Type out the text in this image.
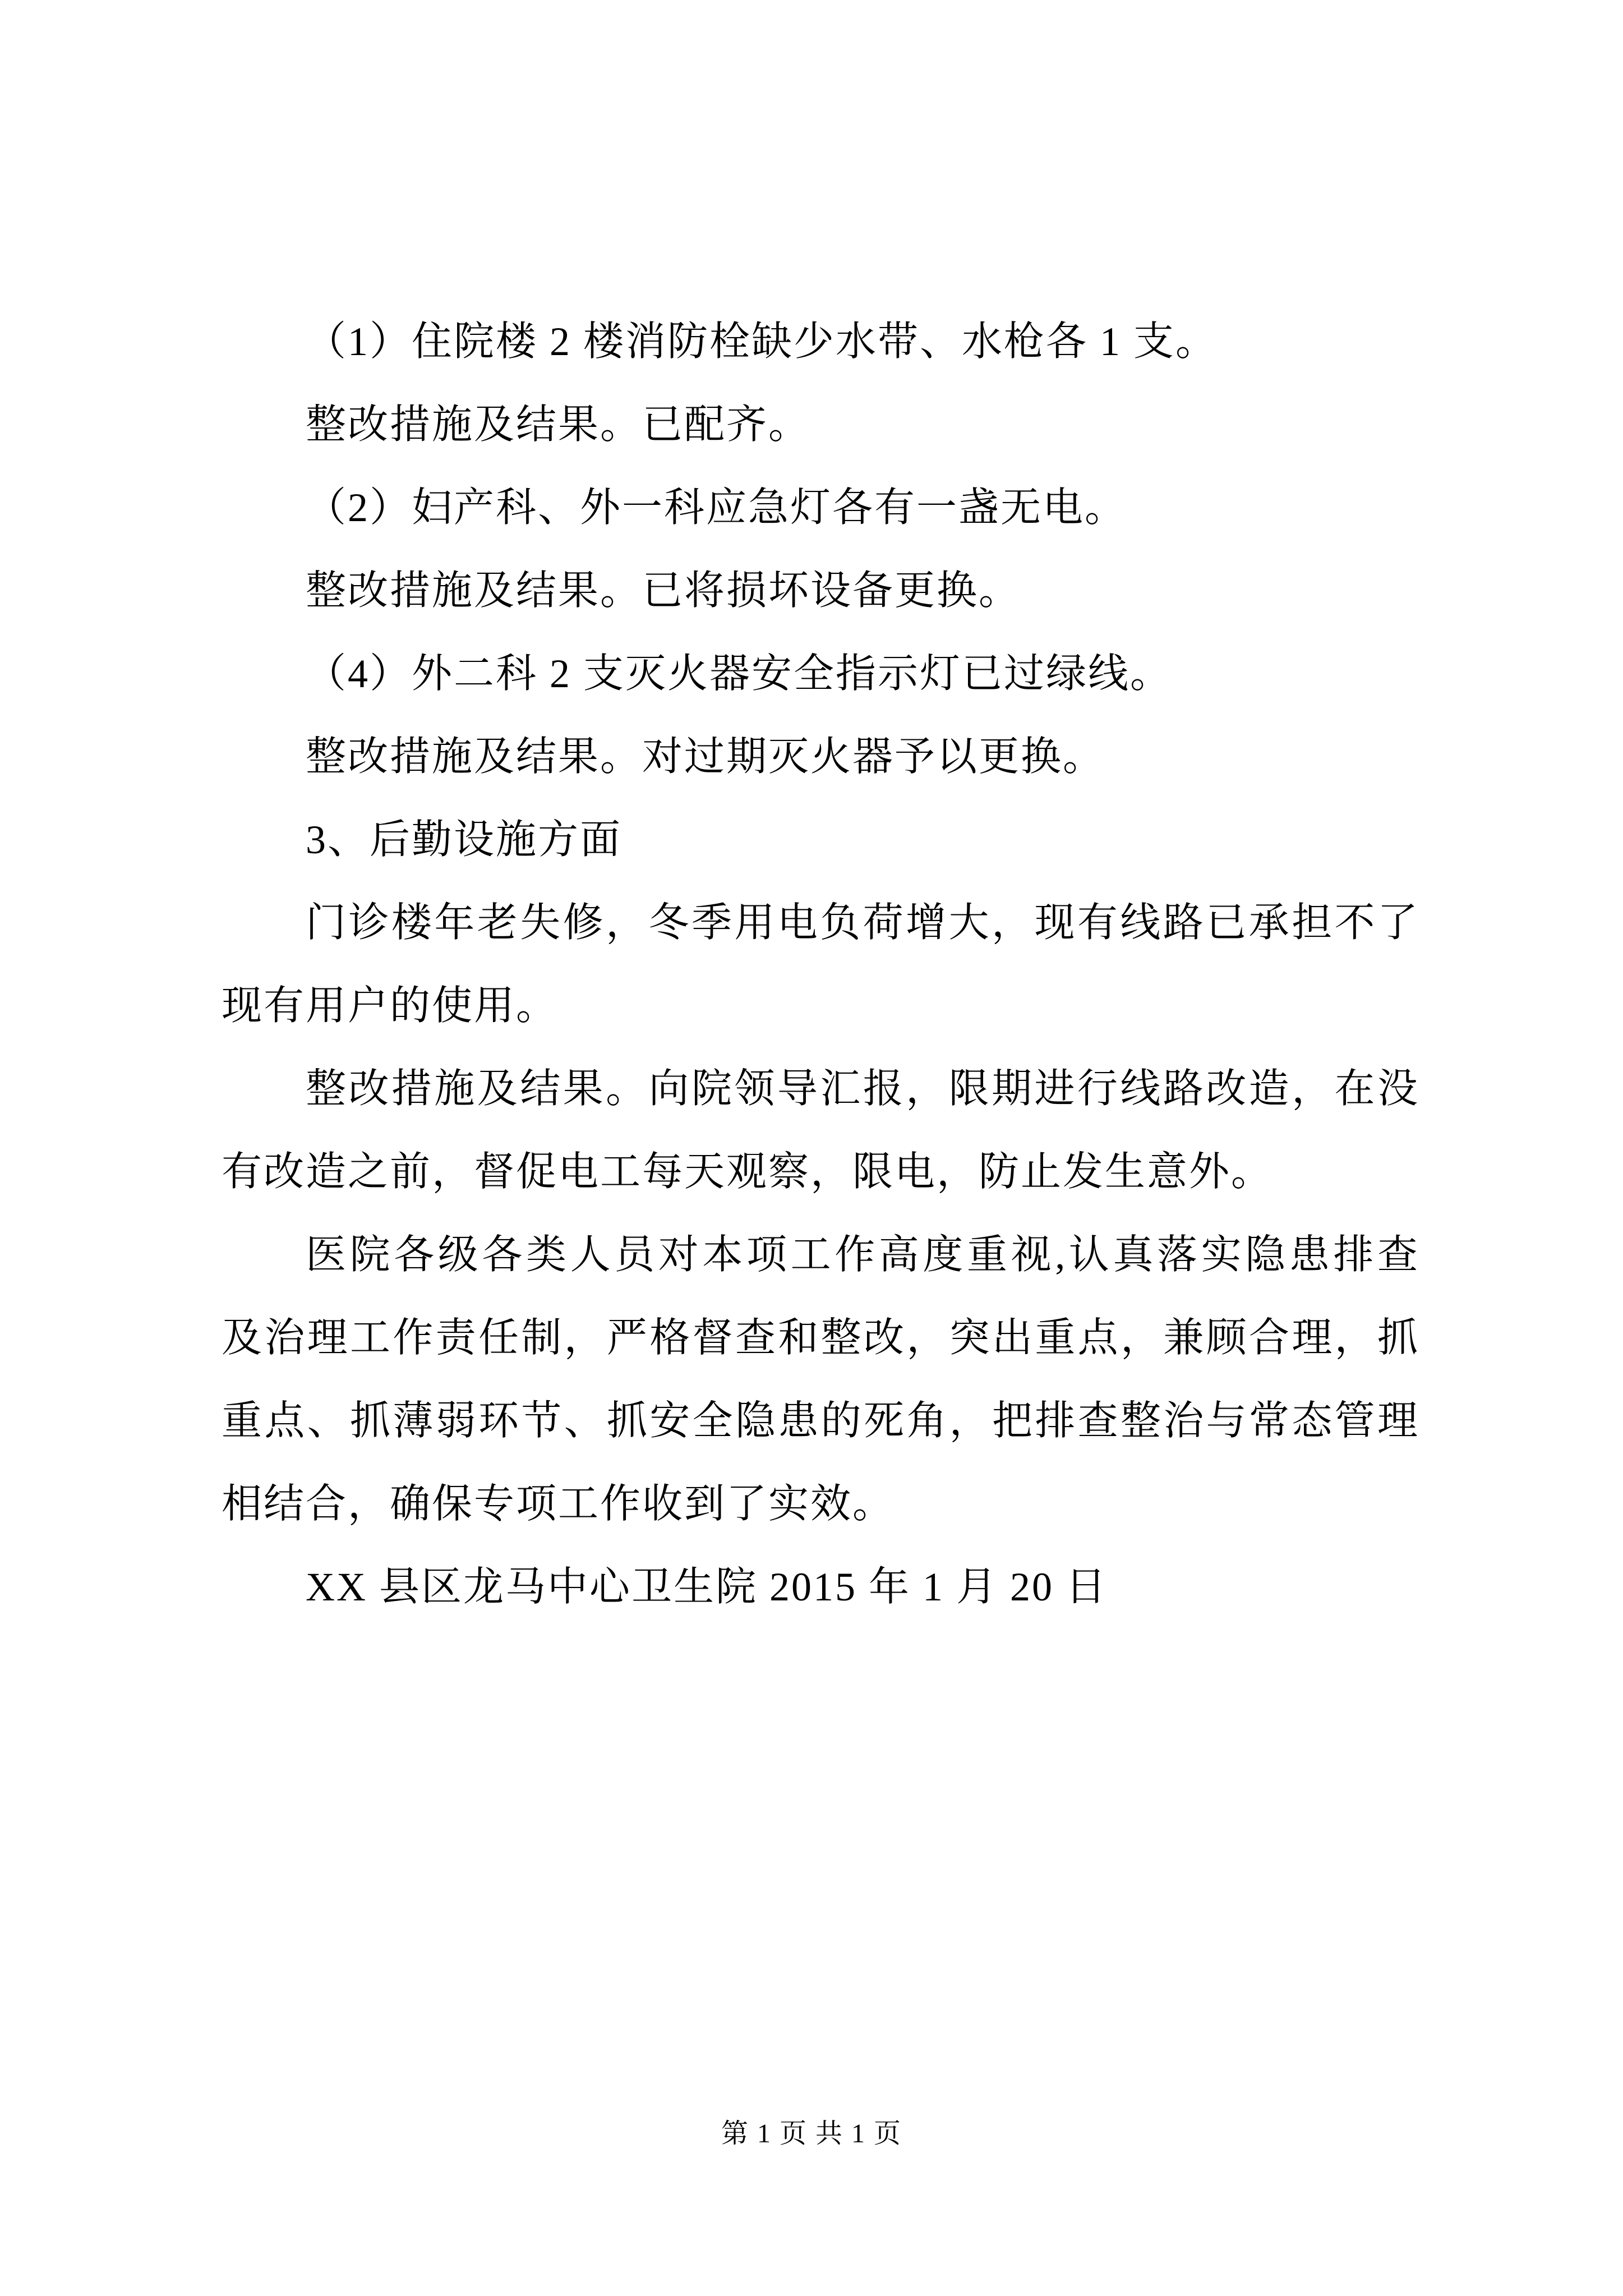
（1）住院楼 2 楼消防栓缺少水带、水枪各 1 支。
整改措施及结果。已配齐。
（2）妇产科、外一科应急灯各有一盏无电。
整改措施及结果。已将损坏设备更换。
（4）外二科 2 支灭火器安全指示灯已过绿线。
整改措施及结果。对过期灭火器予以更换。
3、后勤设施方面
门诊楼年老失修，冬季用电负荷增大，现有线路已承担不了
现有用户的使用。
整改措施及结果。向院领导汇报，限期进行线路改造，在没
有改造之前，督促电工每天观察，限电，防止发生意外。
医院各级各类人员对本项工作高度重视,认真落实隐患排查
及治理工作责任制，严格督查和整改，突出重点，兼顾合理，抓
重点、抓薄弱环节、抓安全隐患的死角，把排查整治与常态管理
相结合，确保专项工作收到了实效。
XX 县区龙马中心卫生院 2015 年 1 月 20 日
第 1 页 共 1 页
